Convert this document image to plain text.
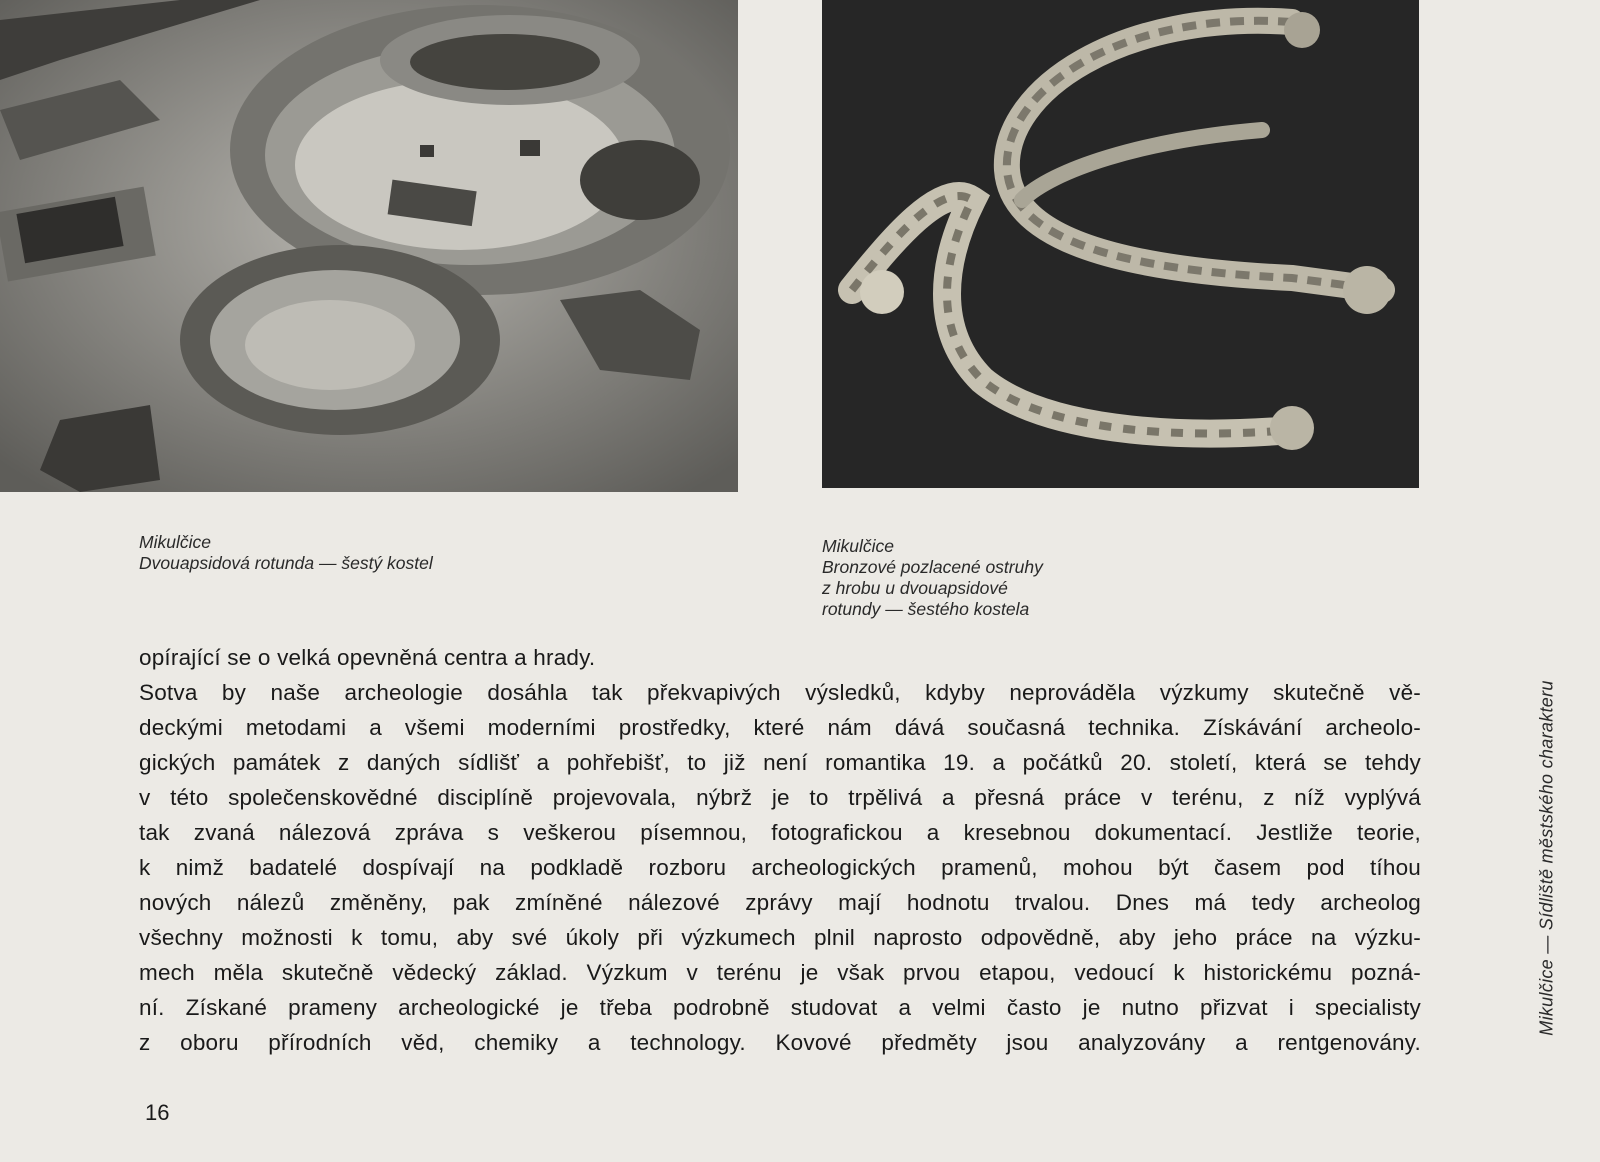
Mikulčice
Dvouapsidová rotunda — šestý kostel
Mikulčice
Bronzové pozlacené ostruhy
z hrobu u dvouapsidové
rotundy — šestého kostela
opírající se o velká opevněná centra a hrady.
Sotva by naše archeologie dosáhla tak překvapivých výsledků, kdyby neprováděla výzkumy skutečně vě-
deckými metodami a všemi moderními prostředky, které nám dává současná technika. Získávání archeolo-
gických památek z daných sídlišť a pohřebišť, to již není romantika 19. a počátků 20. století, která se tehdy
v této společenskovědné disciplíně projevovala, nýbrž je to trpělivá a přesná práce v terénu, z níž vyplývá
tak zvaná nálezová zpráva s veškerou písemnou, fotografickou a kresebnou dokumentací. Jestliže teorie,
k nimž badatelé dospívají na podkladě rozboru archeologických pramenů, mohou být časem pod tíhou
nových nálezů změněny, pak zmíněné nálezové zprávy mají hodnotu trvalou. Dnes má tedy archeolog
všechny možnosti k tomu, aby své úkoly při výzkumech plnil naprosto odpovědně, aby jeho práce na výzku-
mech měla skutečně vědecký základ. Výzkum v terénu je však prvou etapou, vedoucí k historickému pozná-
ní. Získané prameny archeologické je třeba podrobně studovat a velmi často je nutno přizvat i specialisty
z oboru přírodních věd, chemiky a technology. Kovové předměty jsou analyzovány a rentgenovány.
16
Mikulčice — Sídliště městského charakteru
